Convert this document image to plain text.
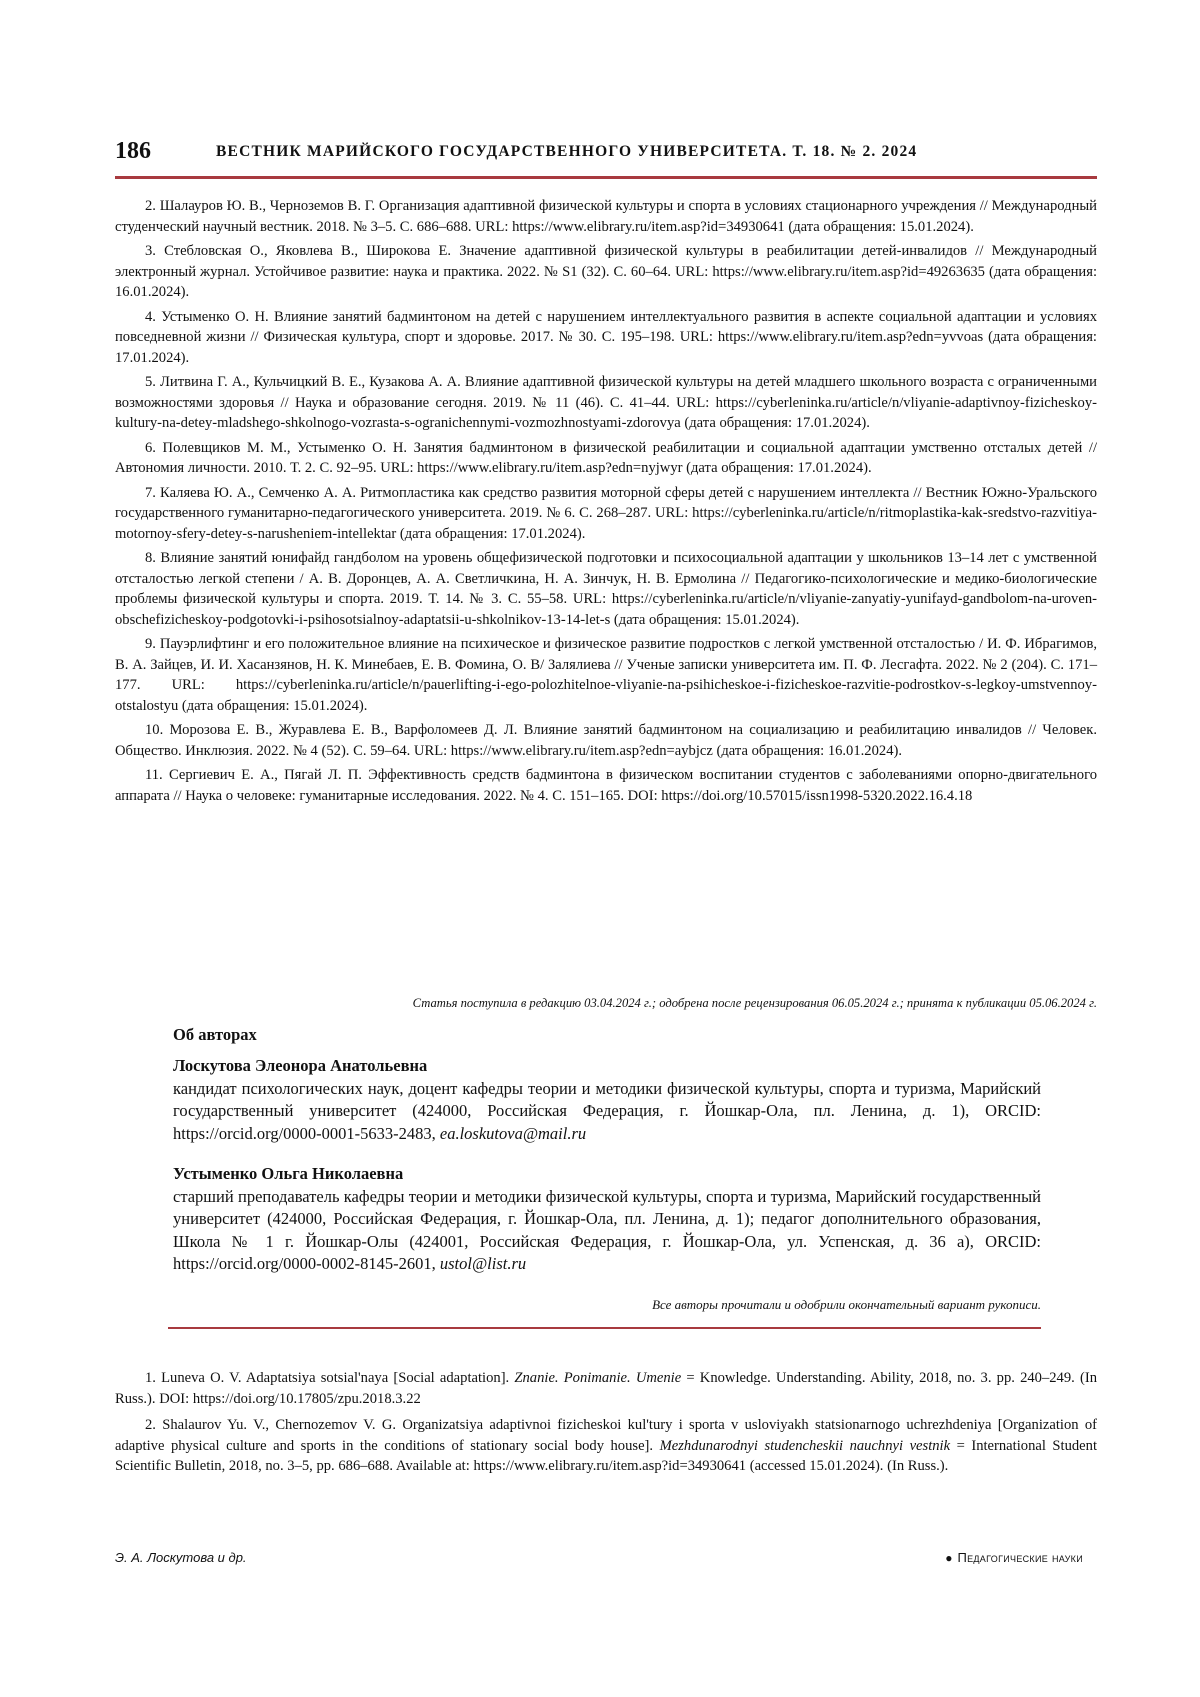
186	ВЕСТНИК МАРИЙСКОГО ГОСУДАРСТВЕННОГО УНИВЕРСИТЕТА. Т. 18. № 2. 2024

2. Шалауров Ю. В., Черноземов В. Г. Организация адаптивной физической культуры и спорта в условиях стационарного учреждения // Международный студенческий научный вестник. 2018. № 3–5. С. 686–688. URL: https://www.elibrary.ru/item.asp?id=34930641 (дата обращения: 15.01.2024).

3. Стебловская О., Яковлева В., Широкова Е. Значение адаптивной физической культуры в реабилитации детей-инвалидов // Международный электронный журнал. Устойчивое развитие: наука и практика. 2022. № S1 (32). С. 60–64. URL: https://www.elibrary.ru/item.asp?id=49263635 (дата обращения: 16.01.2024).

4. Устыменко О. Н. Влияние занятий бадминтоном на детей с нарушением интеллектуального развития в аспекте социальной адаптации и условиях повседневной жизни // Физическая культура, спорт и здоровье. 2017. № 30. С. 195–198. URL: https://www.elibrary.ru/item.asp?edn=yvvoas (дата обращения: 17.01.2024).

5. Литвина Г. А., Кульчицкий В. Е., Кузакова А. А. Влияние адаптивной физической культуры на детей младшего школьного возраста с ограниченными возможностями здоровья // Наука и образование сегодня. 2019. № 11 (46). С. 41–44. URL: https://cyberleninka.ru/article/n/vliyanie-adaptivnoy-fizicheskoy-kultury-na-detey-mladshego-shkolnogo-vozrasta-s-ogranichennymi-vozmozhnostyami-zdorovya (дата обращения: 17.01.2024).

6. Полевщиков М. М., Устыменко О. Н. Занятия бадминтоном в физической реабилитации и социальной адаптации умственно отсталых детей // Автономия личности. 2010. Т. 2. С. 92–95. URL: https://www.elibrary.ru/item.asp?edn=nyjwyr (дата обращения: 17.01.2024).

7. Каляева Ю. А., Семченко А. А. Ритмопластика как средство развития моторной сферы детей с нарушением интеллекта // Вестник Южно-Уральского государственного гуманитарно-педагогического университета. 2019. № 6. С. 268–287. URL: https://cyberleninka.ru/article/n/ritmoplastika-kak-sredstvo-razvitiya-motornoy-sfery-detey-s-narusheniem-intellektar (дата обращения: 17.01.2024).

8. Влияние занятий юнифайд гандболом на уровень общефизической подготовки и психосоциальной адаптации у школьников 13–14 лет с умственной отсталостью легкой степени / А. В. Доронцев, А. А. Светличкина, Н. А. Зинчук, Н. В. Ермолина // Педагогико-психологические и медико-биологические проблемы физической культуры и спорта. 2019. Т. 14. № 3. С. 55–58. URL: https://cyberleninka.ru/article/n/vliyanie-zanyatiy-yunifayd-gandbolom-na-uroven-obschefizicheskoy-podgotovki-i-psihosotsialnoy-adaptatsii-u-shkolnikov-13-14-let-s (дата обращения: 15.01.2024).

9. Пауэрлифтинг и его положительное влияние на психическое и физическое развитие подростков с легкой умственной отсталостью / И. Ф. Ибрагимов, В. А. Зайцев, И. И. Хасанзянов, Н. К. Минебаев, Е. В. Фомина, О. В/ Залялиева // Ученые записки университета им. П. Ф. Лесгафта. 2022. № 2 (204). С. 171–177. URL: https://cyberleninka.ru/article/n/pauerlifting-i-ego-polozhitelnoe-vliyanie-na-psihicheskoe-i-fizicheskoe-razvitie-podrostkov-s-legkoy-umstvennoy-otstalostyu (дата обращения: 15.01.2024).

10. Морозова Е. В., Журавлева Е. В., Варфоломеев Д. Л. Влияние занятий бадминтоном на социализацию и реабилитацию инвалидов // Человек. Общество. Инклюзия. 2022. № 4 (52). С. 59–64. URL: https://www.elibrary.ru/item.asp?edn=aybjcz (дата обращения: 16.01.2024).

11. Сергиевич Е. А., Пягай Л. П. Эффективность средств бадминтона в физическом воспитании студентов с заболеваниями опорно-двигательного аппарата // Наука о человеке: гуманитарные исследования. 2022. № 4. С. 151–165. DOI: https://doi.org/10.57015/issn1998-5320.2022.16.4.18

Статья поступила в редакцию 03.04.2024 г.; одобрена после рецензирования 06.05.2024 г.; принята к публикации 05.06.2024 г.
Об авторах
Лоскутова Элеонора Анатольевна
кандидат психологических наук, доцент кафедры теории и методики физической культуры, спорта и туризма, Марийский государственный университет (424000, Российская Федерация, г. Йошкар-Ола, пл. Ленина, д. 1), ORCID: https://orcid.org/0000-0001-5633-2483, ea.loskutova@mail.ru
Устыменко Ольга Николаевна
старший преподаватель кафедры теории и методики физической культуры, спорта и туризма, Марийский государственный университет (424000, Российская Федерация, г. Йошкар-Ола, пл. Ленина, д. 1); педагог дополнительного образования, Школа № 1 г. Йошкар-Олы (424001, Российская Федерация, г. Йошкар-Ола, ул. Успенская, д. 36 а), ORCID: https://orcid.org/0000-0002-8145-2601, ustol@list.ru
Все авторы прочитали и одобрили окончательный вариант рукописи.

1. Luneva O. V. Adaptatsiya sotsial'naya [Social adaptation]. Znanie. Ponimanie. Umenie = Knowledge. Understanding. Ability, 2018, no. 3. pp. 240–249. (In Russ.). DOI: https://doi.org/10.17805/zpu.2018.3.22

2. Shalaurov Yu. V., Chernozemov V. G. Organizatsiya adaptivnoi fizicheskoi kul'tury i sporta v usloviyakh statsionarnogo uchrezhdeniya [Organization of adaptive physical culture and sports in the conditions of stationary social body house]. Mezhdunarodnyi studencheskii nauchnyi vestnik = International Student Scientific Bulletin, 2018, no. 3–5, pp. 686–688. Available at: https://www.elibrary.ru/item.asp?id=34930641 (accessed 15.01.2024). (In Russ.).

Э. А. Лоскутова и др.	● Педагогические науки
